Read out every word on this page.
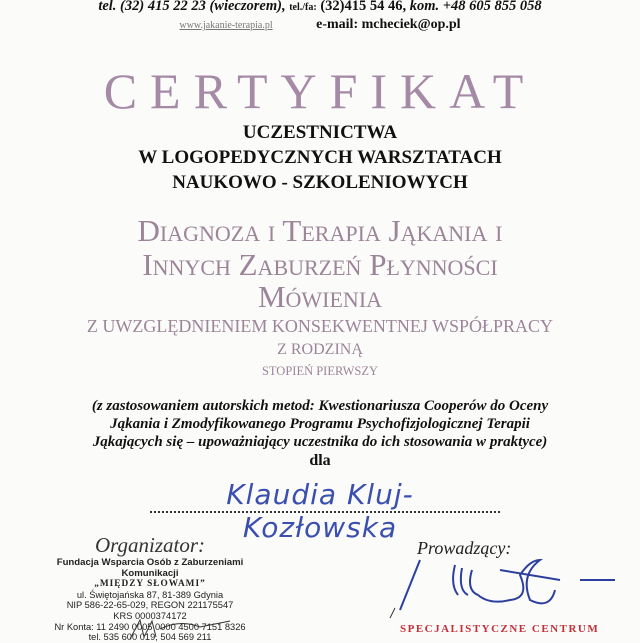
tel. (32) 415 22 23 (wieczorem), tel./fa: (32)415 54 46, kom. +48 605 855 058
www.jakanie-terapia.pl	e-mail: mcheciek@op.pl
CERTYFIKAT
UCZESTNICTWA
W LOGOPEDYCZNYCH WARSZTATACH
NAUKOWO - SZKOLENIOWYCH
Diagnoza i Terapia Jąkania i
Innych Zaburzeń Płynności
Mówienia
Z UWZGLĘDNIENIEM KONSEKWENTNEJ WSPÓŁPRACY
Z RODZINĄ
STOPIEŃ PIERWSZY
(z zastosowaniem autorskich metod: Kwestionariusza Cooperów do Oceny
Jąkania i Zmodyfikowanego Programu Psychofizjologicznej Terapii
Jąkających się – upoważniający uczestnika do ich stosowania w praktyce)
dla
Klaudia Kluj-Kozłowska
Organizator:
Fundacja Wsparcia Osób z Zaburzeniami Komunikacji
„MIĘDZY SŁOWAMI”
ul. Świętojańska 87, 81-389 Gdynia
NIP 586-22-65-029, REGON 221175547
KRS 0000374172
Nr Konta: 11 2490 0005 0000 4500 7151 8326
tel. 535 600 019, 504 569 211
Prowadzący:
SPECJALISTYCZNE CENTRUM
